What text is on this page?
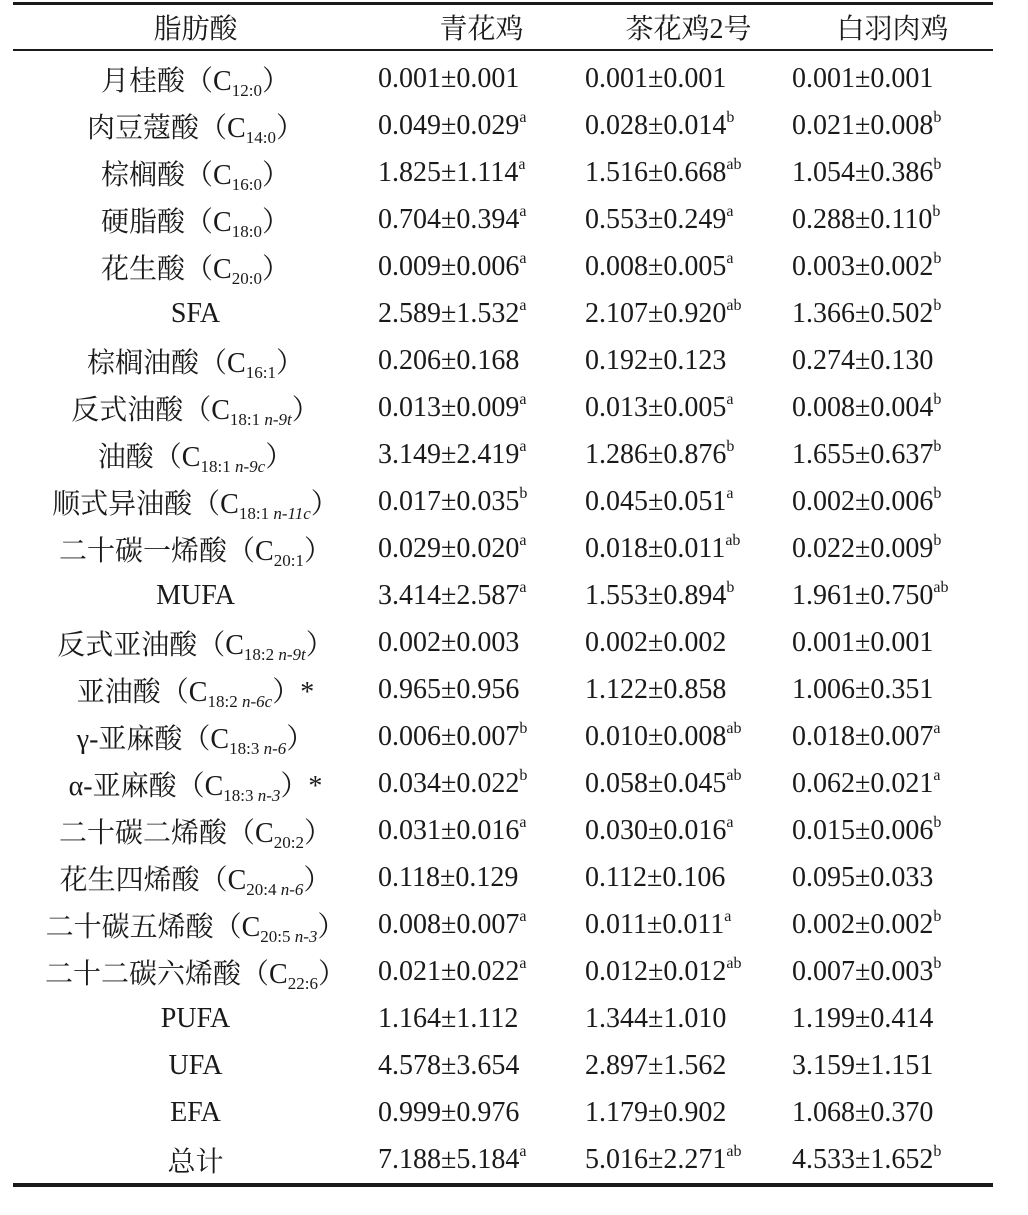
脂肪酸	青花鸡	茶花鸡2号	白羽肉鸡
月桂酸$(C_{12:0})$	0.001±0.001	0.001±0.001	0.001±0.001
肉豆蔻酸$(C_{14:0})$	0.049±0.029$^a$	0.028±0.014$^b$	0.021±0.008$^b$
棕榈酸$(C_{16:0})$	1.825±1.114$^a$	1.516±0.668$^{ab}$	1.054±0.386$^b$
硬脂酸$(C_{18:0})$	0.704±0.394$^a$	0.553±0.249$^a$	0.288±0.110$^b$
花生酸$(C_{20:0})$	0.009±0.006$^a$	0.008±0.005$^a$	0.003±0.002$^b$
SFA	2.589±1.532$^a$	2.107±0.920$^{ab}$	1.366±0.502$^b$
棕榈油酸$(C_{16:1})$	0.206±0.168	0.192±0.123	0.274±0.130
反式油酸$(C_{18:1 n-9t})$	0.013±0.009$^a$	0.013±0.005$^a$	0.008±0.004$^b$
油酸$(C_{18:1 n-9c})$	3.149±2.419$^a$	1.286±0.876$^b$	1.655±0.637$^b$
顺式异油酸$(C_{18:1 n-11c})$	0.017±0.035$^b$	0.045±0.051$^a$	0.002±0.006$^b$
二十碳一烯酸$(C_{20:1})$	0.029±0.020$^a$	0.018±0.011$^{ab}$	0.022±0.009$^b$
MUFA	3.414±2.587$^a$	1.553±0.894$^b$	1.961±0.750$^{ab}$
反式亚油酸$(C_{18:2 n-9t})$	0.002±0.003	0.002±0.002	0.001±0.001
亚油酸$(C_{18:2 n-6c})*$	0.965±0.956	1.122±0.858	1.006±0.351
γ-亚麻酸$(C_{18:3 n-6})$	0.006±0.007$^b$	0.010±0.008$^{ab}$	0.018±0.007$^a$
α-亚麻酸$(C_{18:3 n-3})*$	0.034±0.022$^b$	0.058±0.045$^{ab}$	0.062±0.021$^a$
二十碳二烯酸$(C_{20:2})$	0.031±0.016$^a$	0.030±0.016$^a$	0.015±0.006$^b$
花生四烯酸$(C_{20:4 n-6})$	0.118±0.129	0.112±0.106	0.095±0.033
二十碳五烯酸$(C_{20:5 n-3})$	0.008±0.007$^a$	0.011±0.011$^a$	0.002±0.002$^b$
二十二碳六烯酸$(C_{22:6})$	0.021±0.022$^a$	0.012±0.012$^{ab}$	0.007±0.003$^b$
PUFA	1.164±1.112	1.344±1.010	1.199±0.414
UFA	4.578±3.654	2.897±1.562	3.159±1.151
EFA	0.999±0.976	1.179±0.902	1.068±0.370
总计	7.188±5.184$^a$	5.016±2.271$^{ab}$	4.533±1.652$^b$
